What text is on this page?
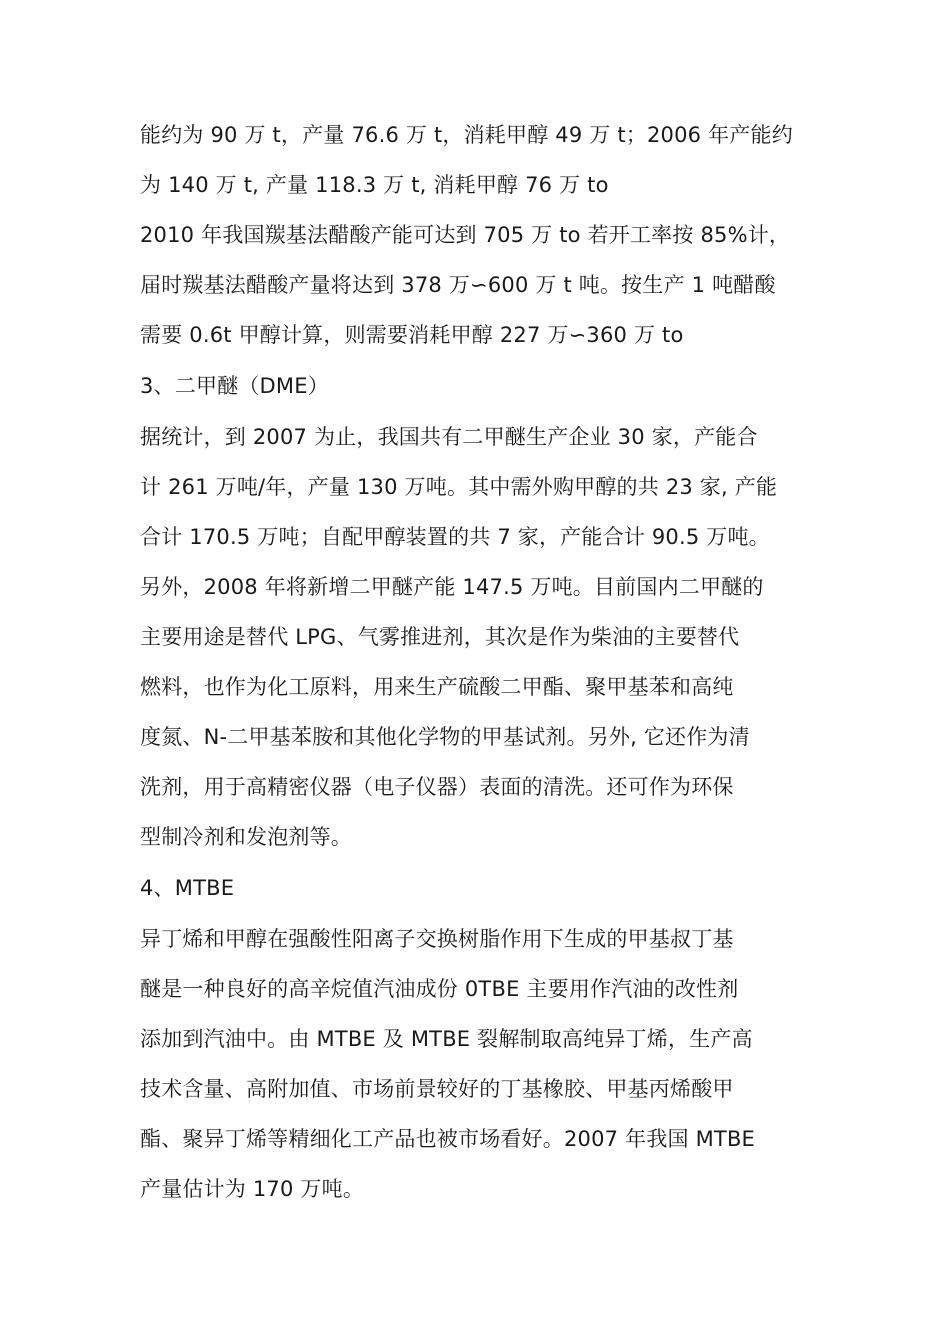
能约为 90 万 t，产量 76.6 万 t，消耗甲醇 49 万 t；2006 年产能约
为 140 万 t, 产量 118.3 万 t, 消耗甲醇 76 万 to
2010 年我国羰基法醋酸产能可达到 705 万 to 若开工率按 85%计，
届时羰基法醋酸产量将达到 378 万∽600 万 t 吨。按生产 1 吨醋酸
需要 0.6t 甲醇计算，则需要消耗甲醇 227 万∽360 万 to
3、二甲醚（DME）
据统计，到 2007 为止，我国共有二甲醚生产企业 30 家，产能合
计 261 万吨/年，产量 130 万吨。其中需外购甲醇的共 23 家, 产能
合计 170.5 万吨；自配甲醇装置的共 7 家，产能合计 90.5 万吨。
另外，2008 年将新增二甲醚产能 147.5 万吨。目前国内二甲醚的
主要用途是替代 LPG、气雾推进剂，其次是作为柴油的主要替代
燃料，也作为化工原料，用来生产硫酸二甲酯、聚甲基苯和高纯
度氮、N-二甲基苯胺和其他化学物的甲基试剂。另外, 它还作为清
洗剂，用于高精密仪器（电子仪器）表面的清洗。还可作为环保
型制冷剂和发泡剂等。
4、MTBE
异丁烯和甲醇在强酸性阳离子交换树脂作用下生成的甲基叔丁基
醚是一种良好的高辛烷值汽油成份 0TBE 主要用作汽油的改性剂
添加到汽油中。由 MTBE 及 MTBE 裂解制取高纯异丁烯，生产高
技术含量、高附加值、市场前景较好的丁基橡胶、甲基丙烯酸甲
酯、聚异丁烯等精细化工产品也被市场看好。2007 年我国 MTBE
产量估计为 170 万吨。
